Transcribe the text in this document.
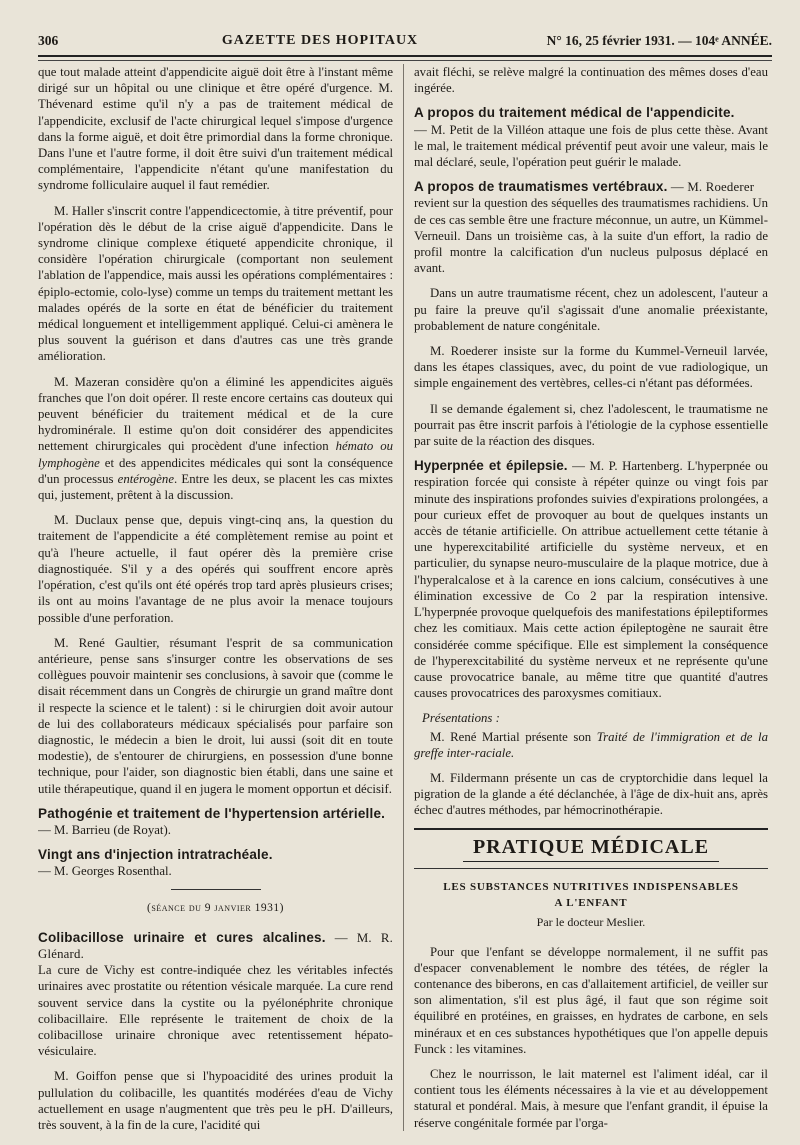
306	GAZETTE DES HOPITAUX	N° 16, 25 février 1931. — 104ᵉ ANNÉE.

que tout malade atteint d'appendicite aiguë doit être à l'instant même dirigé sur un hôpital ou une clinique et être opéré d'urgence. M. Thévenard estime qu'il n'y a pas de traitement médical de l'appendicite, exclusif de l'acte chirurgical lequel s'impose d'urgence dans la forme aiguë, et doit être primordial dans la forme chronique. Dans l'une et l'autre forme, il doit être suivi d'un traitement médical complémentaire, l'appendicite n'étant qu'une manifestation du syndrome folliculaire auquel il faut remédier.

M. Haller s'inscrit contre l'appendicectomie, à titre préventif, pour l'opération dès le début de la crise aiguë d'appendicite. Dans le syndrome clinique complexe étiqueté appendicite chronique, il considère l'opération chirurgicale (comportant non seulement l'ablation de l'appendice, mais aussi les opérations complémentaires : épiplo-ectomie, colo-lyse) comme un temps du traitement mettant les malades opérés de la sorte en état de bénéficier du traitement médical longuement et intelligemment appliqué. Celui-ci amènera le plus souvent la guérison et dans d'autres cas une très grande amélioration.

M. Mazeran considère qu'on a éliminé les appendicites aiguës franches que l'on doit opérer. Il reste encore certains cas douteux qui peuvent bénéficier du traitement médical et de la cure hydrominérale. Il estime qu'on doit considérer des appendicites nettement chirurgicales qui procèdent d'une infection hémato ou lymphogène et des appendicites médicales qui sont la conséquence d'un processus entérogène. Entre les deux, se placent les cas mixtes qui, justement, prêtent à la discussion.

M. Duclaux pense que, depuis vingt-cinq ans, la question du traitement de l'appendicite a été complètement remise au point et qu'à l'heure actuelle, il faut opérer dès la première crise diagnostiquée. S'il y a des opérés qui souffrent encore après l'opération, c'est qu'ils ont été opérés trop tard après plusieurs crises; ils ont au moins l'avantage de ne plus avoir la menace toujours possible d'une perforation.

M. René Gaultier, résumant l'esprit de sa communication antérieure, pense sans s'insurger contre les observations de ses collègues pouvoir maintenir ses conclusions, à savoir que (comme le disait récemment dans un Congrès de chirurgie un grand maître dont il respecte la science et le talent) : si le chirurgien doit avoir autour de lui des collaborateurs médicaux spécialisés pour parfaire son diagnostic, le médecin a bien le droit, lui aussi (soit dit en toute modestie), de s'entourer de chirurgiens, en possession d'une bonne technique, pour l'aider, son diagnostic bien établi, dans une saine et utile thérapeutique, quand il en jugera le moment opportun et décisif.

Pathogénie et traitement de l'hypertension artérielle.

— M. Barrieu (de Royat).

Vingt ans d'injection intratrachéale.

— M. Georges Rosenthal.

(séance du 9 janvier 1931)

Colibacillose urinaire et cures alcalines. — M. R. Glénard.

La cure de Vichy est contre-indiquée chez les véritables infectés urinaires avec prostatite ou rétention vésicale marquée. La cure rend souvent service dans la cystite ou la pyélonéphrite chronique colibacillaire. Elle représente le traitement de choix de la colibacillose urinaire chronique avec retentissement hépato-vésiculaire.

M. Goiffon pense que si l'hypoacidité des urines produit la pullulation du colibacille, les quantités modérées d'eau de Vichy actuellement en usage n'augmentent que très peu le pH. D'ailleurs, très souvent, à la fin de la cure, l'acidité qui

avait fléchi, se relève malgré la continuation des mêmes doses d'eau ingérée.

A propos du traitement médical de l'appendicite.

— M. Petit de la Villéon attaque une fois de plus cette thèse. Avant le mal, le traitement médical préventif peut avoir une valeur, mais le mal déclaré, seule, l'opération peut guérir le malade.

A propos de traumatismes vertébraux. — M. Roederer

revient sur la question des séquelles des traumatismes rachidiens. Un de ces cas semble être une fracture méconnue, un autre, un Kümmel-Verneuil. Dans un troisième cas, à la suite d'un effort, la radio de profil montre la calcification d'un nucleus pulposus déplacé en avant.

Dans un autre traumatisme récent, chez un adolescent, l'auteur a pu faire la preuve qu'il s'agissait d'une anomalie préexistante, probablement de nature congénitale.

M. Roederer insiste sur la forme du Kummel-Verneuil larvée, dans les étapes classiques, avec, du point de vue radiologique, un simple engainement des vertèbres, celles-ci n'étant pas déformées.

Il se demande également si, chez l'adolescent, le traumatisme ne pourrait pas être inscrit parfois à l'étiologie de la cyphose essentielle par suite de la réaction des disques.

Hyperpnée et épilepsie. — M. P. Hartenberg. L'hyperpnée ou respiration forcée qui consiste à répéter quinze ou vingt fois par minute des inspirations profondes suivies d'expirations prolongées, a pour curieux effet de provoquer au bout de quelques instants un accès de tétanie artificielle. On attribue actuellement cette tétanie à une hyperexcitabilité artificielle du système nerveux, et en particulier, du synapse neuro-musculaire de la plaque motrice, due à l'hyperalcalose et à la carence en ions calcium, consécutives à une élimination excessive de Co 2 par la respiration intensive. L'hyperpnée provoque quelquefois des manifestations épileptiformes chez les comitiaux. Mais cette action épileptogène ne saurait être considérée comme spécifique. Elle est simplement la conséquence de l'hyperexcitabilité du système nerveux et ne représente qu'une cause provocatrice banale, au même titre que quantité d'autres causes provocatrices des paroxysmes comitiaux.

Présentations :

M. René Martial présente son Traité de l'immigration et de la greffe inter-raciale.

M. Fildermann présente un cas de cryptorchidie dans lequel la pigration de la glande a été déclanchée, à l'âge de dix-huit ans, après échec d'autres méthodes, par hémocrinothérapie.

PRATIQUE MÉDICALE
LES SUBSTANCES NUTRITIVES INDISPENSABLES
A L'ENFANT
Par le docteur Meslier.

Pour que l'enfant se développe normalement, il ne suffit pas d'espacer convenablement le nombre des tétées, de régler la contenance des biberons, en cas d'allaitement artificiel, de veiller sur son alimentation, s'il est plus âgé, il faut que son régime soit équilibré en protéines, en graisses, en hydrates de carbone, en sels minéraux et en ces substances hypothétiques que l'on appelle depuis Funck : les vitamines.

Chez le nourrisson, le lait maternel est l'aliment idéal, car il contient tous les éléments nécessaires à la vie et au développement statural et pondéral. Mais, à mesure que l'enfant grandit, il épuise la réserve congénitale formée par l'orga-
